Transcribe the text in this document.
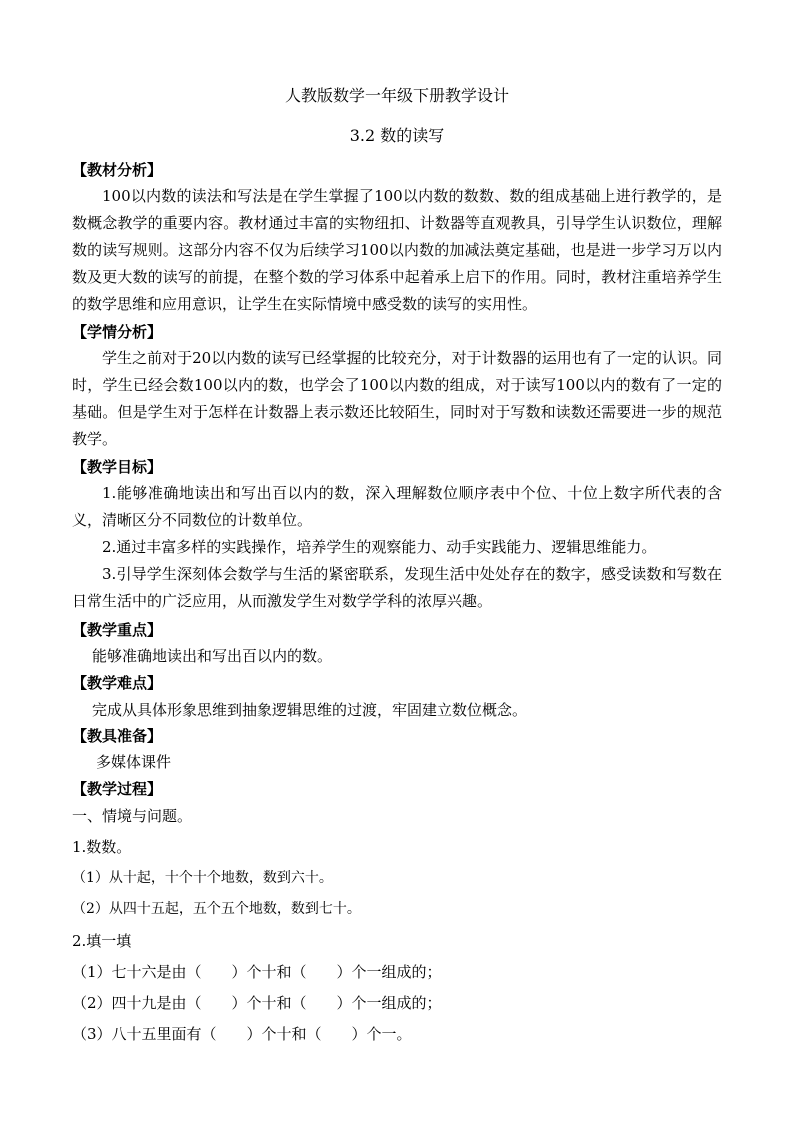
人教版数学一年级下册教学设计
3.2 数的读写
【教材分析】
100以内数的读法和写法是在学生掌握了100以内数的数数、数的组成基础上进行教学的，是数概念教学的重要内容。教材通过丰富的实物纽扣、计数器等直观教具，引导学生认识数位，理解数的读写规则。这部分内容不仅为后续学习100以内数的加减法奠定基础，也是进一步学习万以内数及更大数的读写的前提，在整个数的学习体系中起着承上启下的作用。同时，教材注重培养学生的数学思维和应用意识，让学生在实际情境中感受数的读写的实用性。
【学情分析】
学生之前对于20以内数的读写已经掌握的比较充分，对于计数器的运用也有了一定的认识。同时，学生已经会数100以内的数，也学会了100以内数的组成，对于读写100以内的数有了一定的基础。但是学生对于怎样在计数器上表示数还比较陌生，同时对于写数和读数还需要进一步的规范教学。
【教学目标】
1.能够准确地读出和写出百以内的数，深入理解数位顺序表中个位、十位上数字所代表的含义，清晰区分不同数位的计数单位。
2.通过丰富多样的实践操作，培养学生的观察能力、动手实践能力、逻辑思维能力。
3.引导学生深刻体会数学与生活的紧密联系，发现生活中处处存在的数字，感受读数和写数在日常生活中的广泛应用，从而激发学生对数学学科的浓厚兴趣。
【教学重点】
能够准确地读出和写出百以内的数。
【教学难点】
完成从具体形象思维到抽象逻辑思维的过渡，牢固建立数位概念。
【教具准备】
多媒体课件
【教学过程】
一、情境与问题。
1.数数。
（1）从十起，十个十个地数，数到六十。
（2）从四十五起，五个五个地数，数到七十。
2.填一填
（1）七十六是由（　　）个十和（　　）个一组成的；
（2）四十九是由（　　）个十和（　　）个一组成的；
（3）八十五里面有（　　）个十和（　　）个一。
